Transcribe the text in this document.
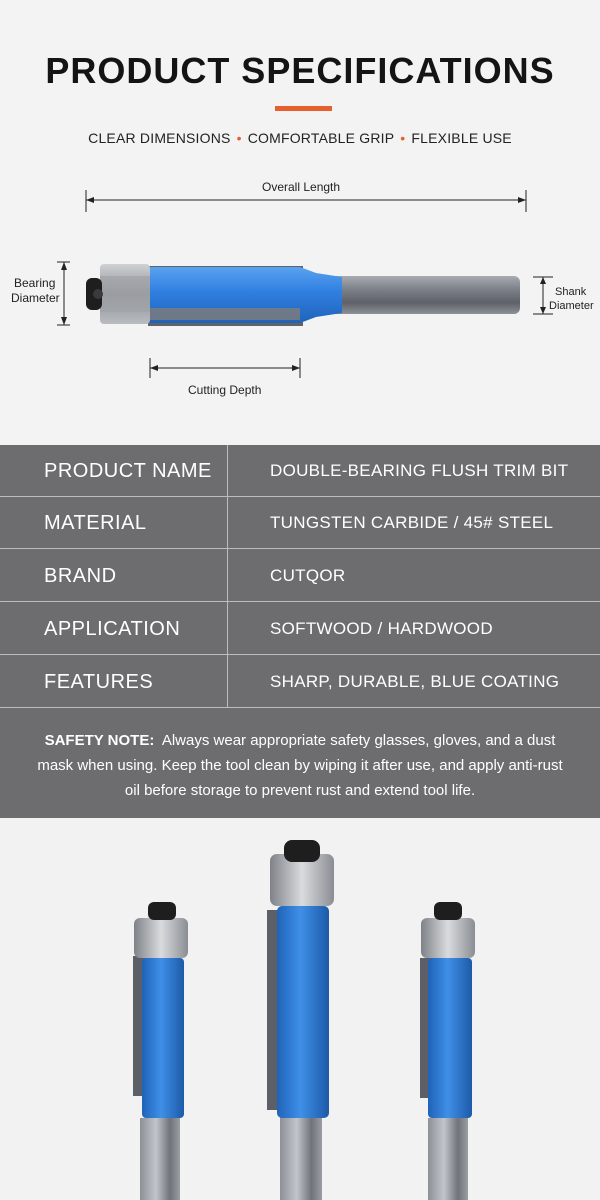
PRODUCT SPECIFICATIONS
CLEAR DIMENSIONS • COMFORTABLE GRIP • FLEXIBLE USE
Overall Length
Bearing
Diameter	Shank
Diameter
Cutting Depth
PRODUCT NAME	DOUBLE-BEARING FLUSH TRIM BIT
MATERIAL	TUNGSTEN CARBIDE / 45# STEEL
BRAND	CUTQOR
APPLICATION	SOFTWOOD / HARDWOOD
FEATURES	SHARP, DURABLE, BLUE COATING
SAFETY NOTE: Always wear appropriate safety glasses, gloves, and a dust mask when using. Keep the tool clean by wiping it after use, and apply anti-rust oil before storage to prevent rust and extend tool life.
